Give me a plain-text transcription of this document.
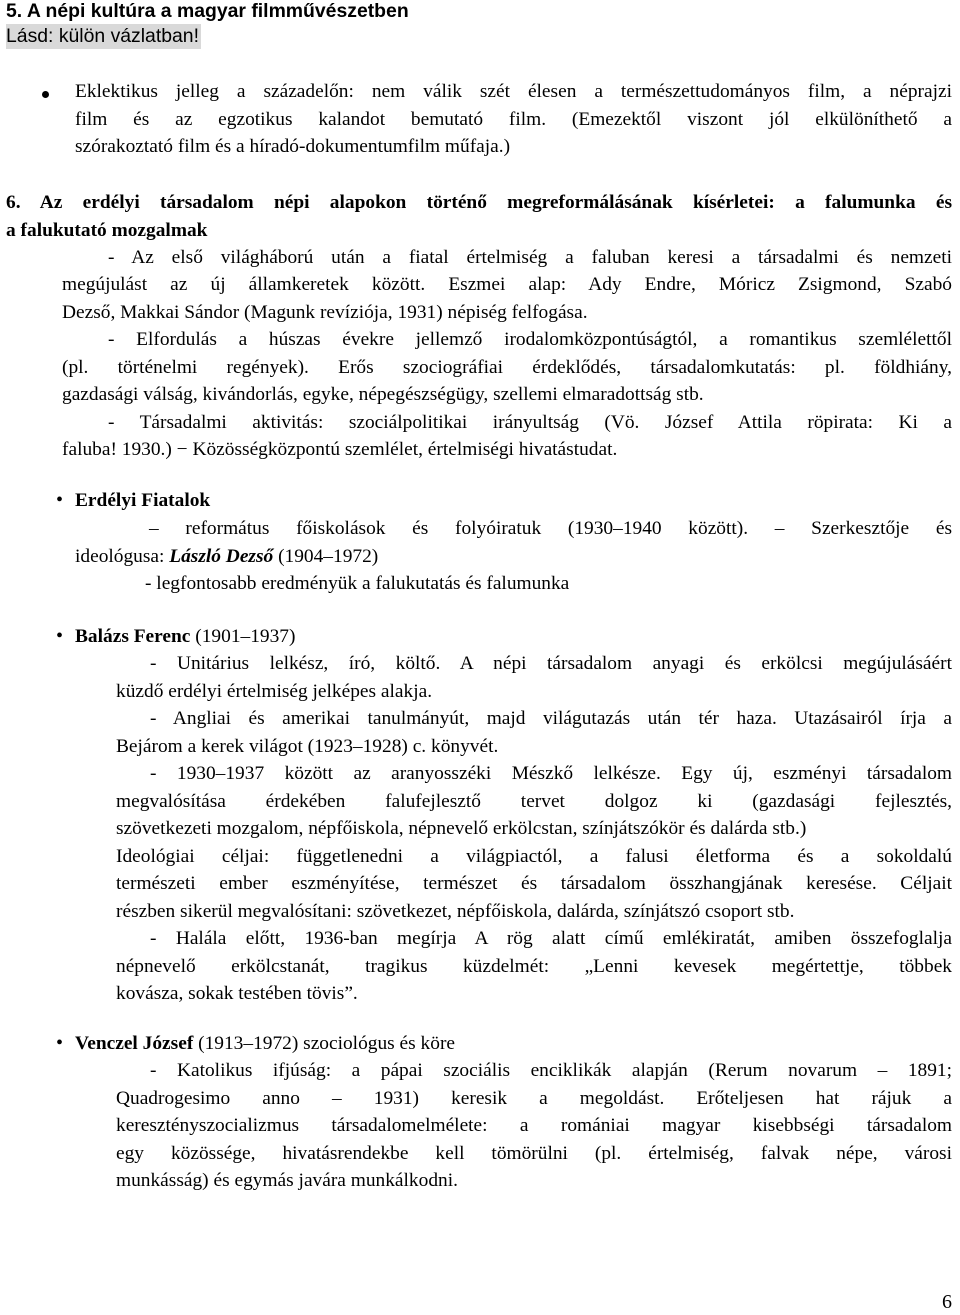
5. A népi kultúra a magyar filmművészetben
Lásd: külön vázlatban!
Eklektikus jelleg a századelőn: nem válik szét élesen a természettudományos film, a néprajzi
film és az egzotikus kalandot bemutató film. (Emezektől viszont jól elkülöníthető a
szórakoztató film és a híradó-dokumentumfilm műfaja.)
6. Az erdélyi társadalom népi alapokon történő megreformálásának kísérletei: a falumunka és
a falukutató mozgalmak
- Az első világháború után a fiatal értelmiség a faluban keresi a társadalmi és nemzeti
megújulást az új államkeretek között. Eszmei alap: Ady Endre, Móricz Zsigmond, Szabó
Dezső, Makkai Sándor (Magunk revíziója, 1931) népiség felfogása.
- Elfordulás a húszas évekre jellemző irodalomközpontúságtól, a romantikus szemlélettől
(pl. történelmi regények). Erős szociográfiai érdeklődés, társadalomkutatás: pl. földhiány,
gazdasági válság, kivándorlás, egyke, népegészségügy, szellemi elmaradottság stb.
- Társadalmi aktivitás: szociálpolitikai irányultság (Vö. József Attila röpirata: Ki a
faluba! 1930.) − Közösségközpontú szemlélet, értelmiségi hivatástudat.
• Erdélyi Fiatalok
– református főiskolások és folyóiratuk (1930–1940 között). – Szerkesztője és
ideológusa: László Dezső (1904–1972)
- legfontosabb eredményük a falukutatás és falumunka
• Balázs Ferenc (1901–1937)
- Unitárius lelkész, író, költő. A népi társadalom anyagi és erkölcsi megújulásáért
küzdő erdélyi értelmiség jelképes alakja.
- Angliai és amerikai tanulmányút, majd világutazás után tér haza. Utazásairól írja a
Bejárom a kerek világot (1923–1928) c. könyvét.
- 1930–1937 között az aranyosszéki Mészkő lelkésze. Egy új, eszményi társadalom
megvalósítása érdekében falufejlesztő tervet dolgoz ki (gazdasági fejlesztés,
szövetkezeti mozgalom, népfőiskola, népnevelő erkölcstan, színjátszókör és dalárda stb.)
Ideológiai céljai: függetlenedni a világpiactól, a falusi életforma és a sokoldalú
természeti ember eszményítése, természet és társadalom összhangjának keresése. Céljait
részben sikerül megvalósítani: szövetkezet, népfőiskola, dalárda, színjátszó csoport stb.
- Halála előtt, 1936-ban megírja A rög alatt című emlékiratát, amiben összefoglalja
népnevelő erkölcstanát, tragikus küzdelmét: „Lenni kevesek megértettje, többek
kovásza, sokak testében tövis”.
• Venczel József (1913–1972) szociológus és köre
- Katolikus ifjúság: a pápai szociális enciklikák alapján (Rerum novarum – 1891;
Quadrogesimo anno – 1931) keresik a megoldást. Erőteljesen hat rájuk a
keresztényszocializmus társadalomelmélete: a romániai magyar kisebbségi társadalom
egy közössége, hivatásrendekbe kell tömörülni (pl. értelmiség, falvak népe, városi
munkásság) és egymás javára munkálkodni.
6
